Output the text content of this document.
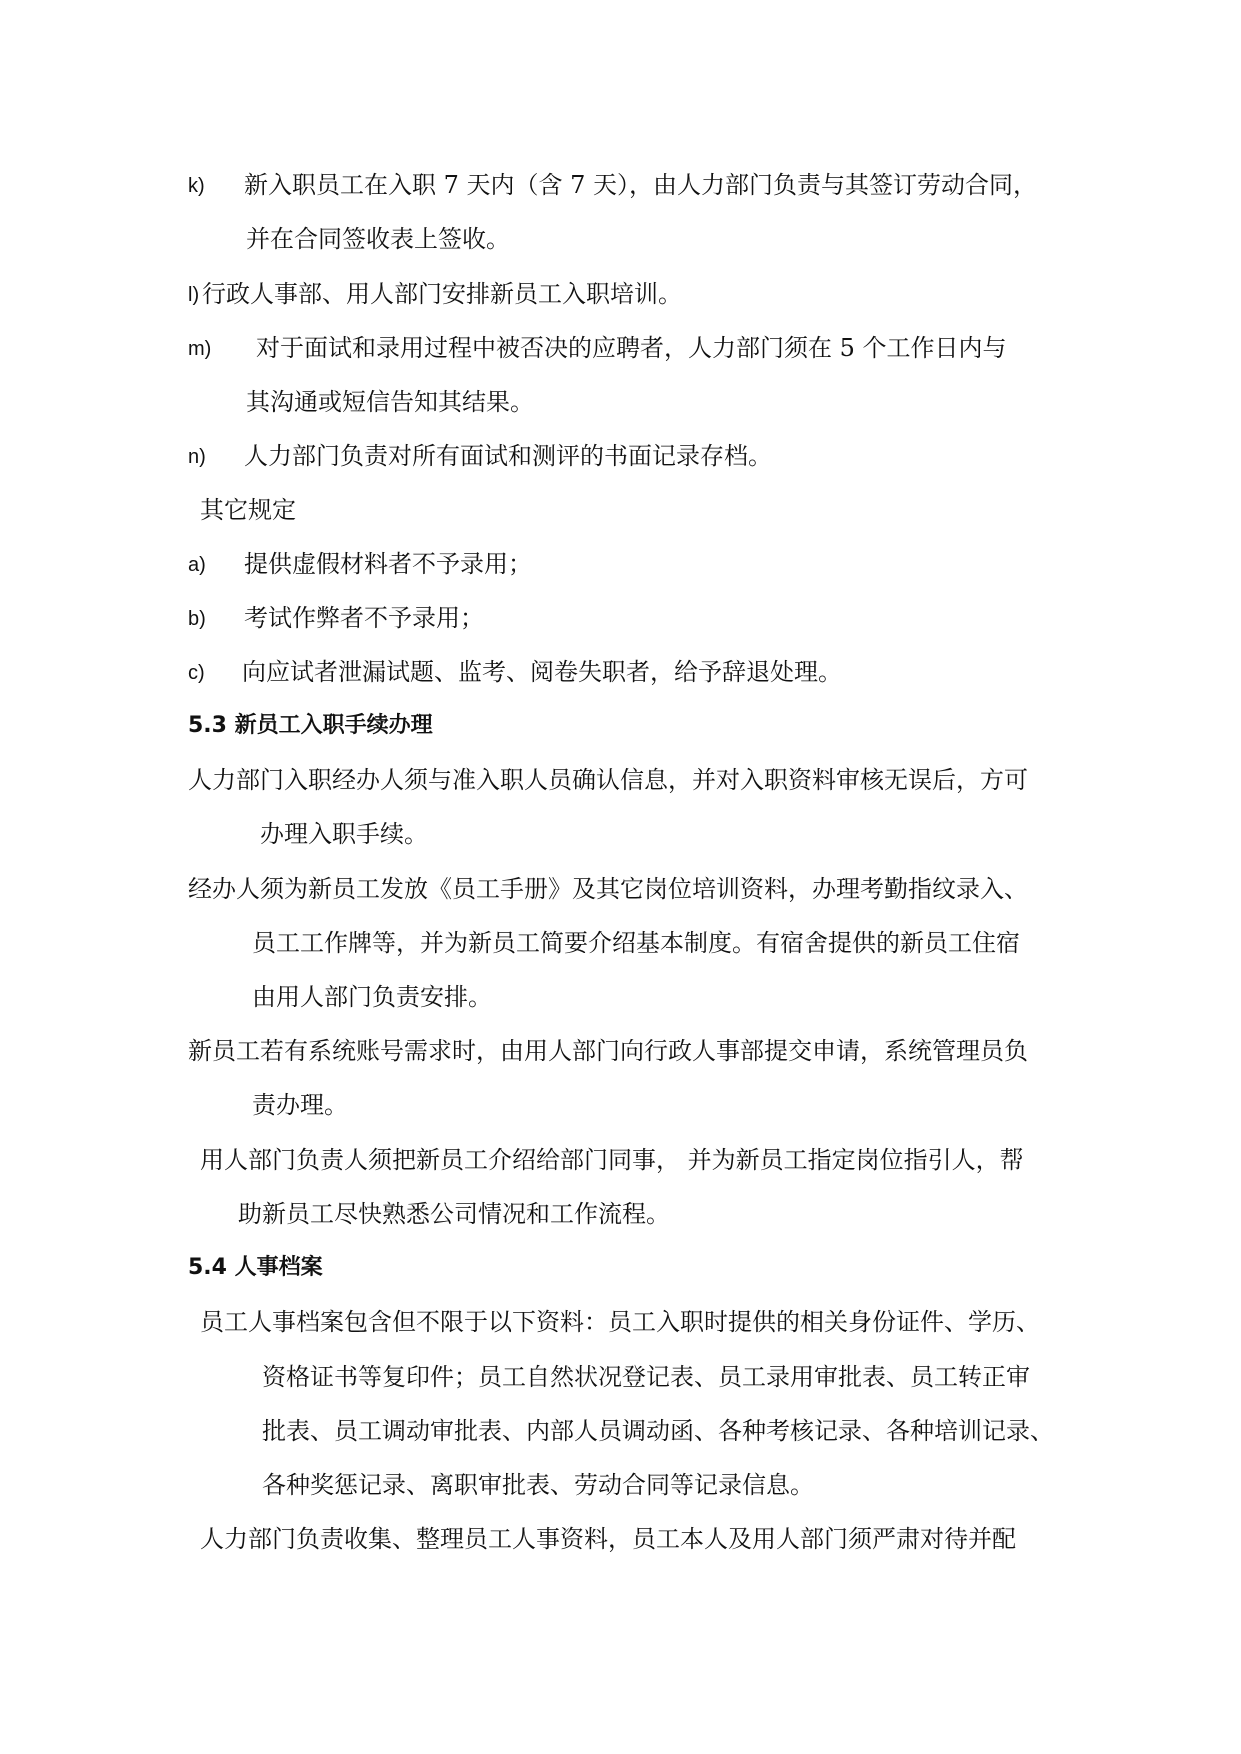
k) 新入职员工在入职 7 天内（含 7 天），由人力部门负责与其签订劳动合同，
并在合同签收表上签收。
l) 行政人事部、用人部门安排新员工入职培训。
m) 对于面试和录用过程中被否决的应聘者，人力部门须在 5 个工作日内与
其沟通或短信告知其结果。
n) 人力部门负责对所有面试和测评的书面记录存档。
其它规定
a) 提供虚假材料者不予录用；
b) 考试作弊者不予录用；
c) 向应试者泄漏试题、监考、阅卷失职者，给予辞退处理。
5.3 新员工入职手续办理
人力部门入职经办人须与准入职人员确认信息，并对入职资料审核无误后，方可
办理入职手续。
经办人须为新员工发放《员工手册》及其它岗位培训资料，办理考勤指纹录入、
员工工作牌等，并为新员工简要介绍基本制度。有宿舍提供的新员工住宿
由用人部门负责安排。
新员工若有系统账号需求时，由用人部门向行政人事部提交申请，系统管理员负
责办理。
用人部门负责人须把新员工介绍给部门同事， 并为新员工指定岗位指引人，帮
助新员工尽快熟悉公司情况和工作流程。
5.4 人事档案
员工人事档案包含但不限于以下资料：员工入职时提供的相关身份证件、学历、
资格证书等复印件；员工自然状况登记表、员工录用审批表、员工转正审
批表、员工调动审批表、内部人员调动函、各种考核记录、各种培训记录、
各种奖惩记录、离职审批表、劳动合同等记录信息。
人力部门负责收集、整理员工人事资料，员工本人及用人部门须严肃对待并配
